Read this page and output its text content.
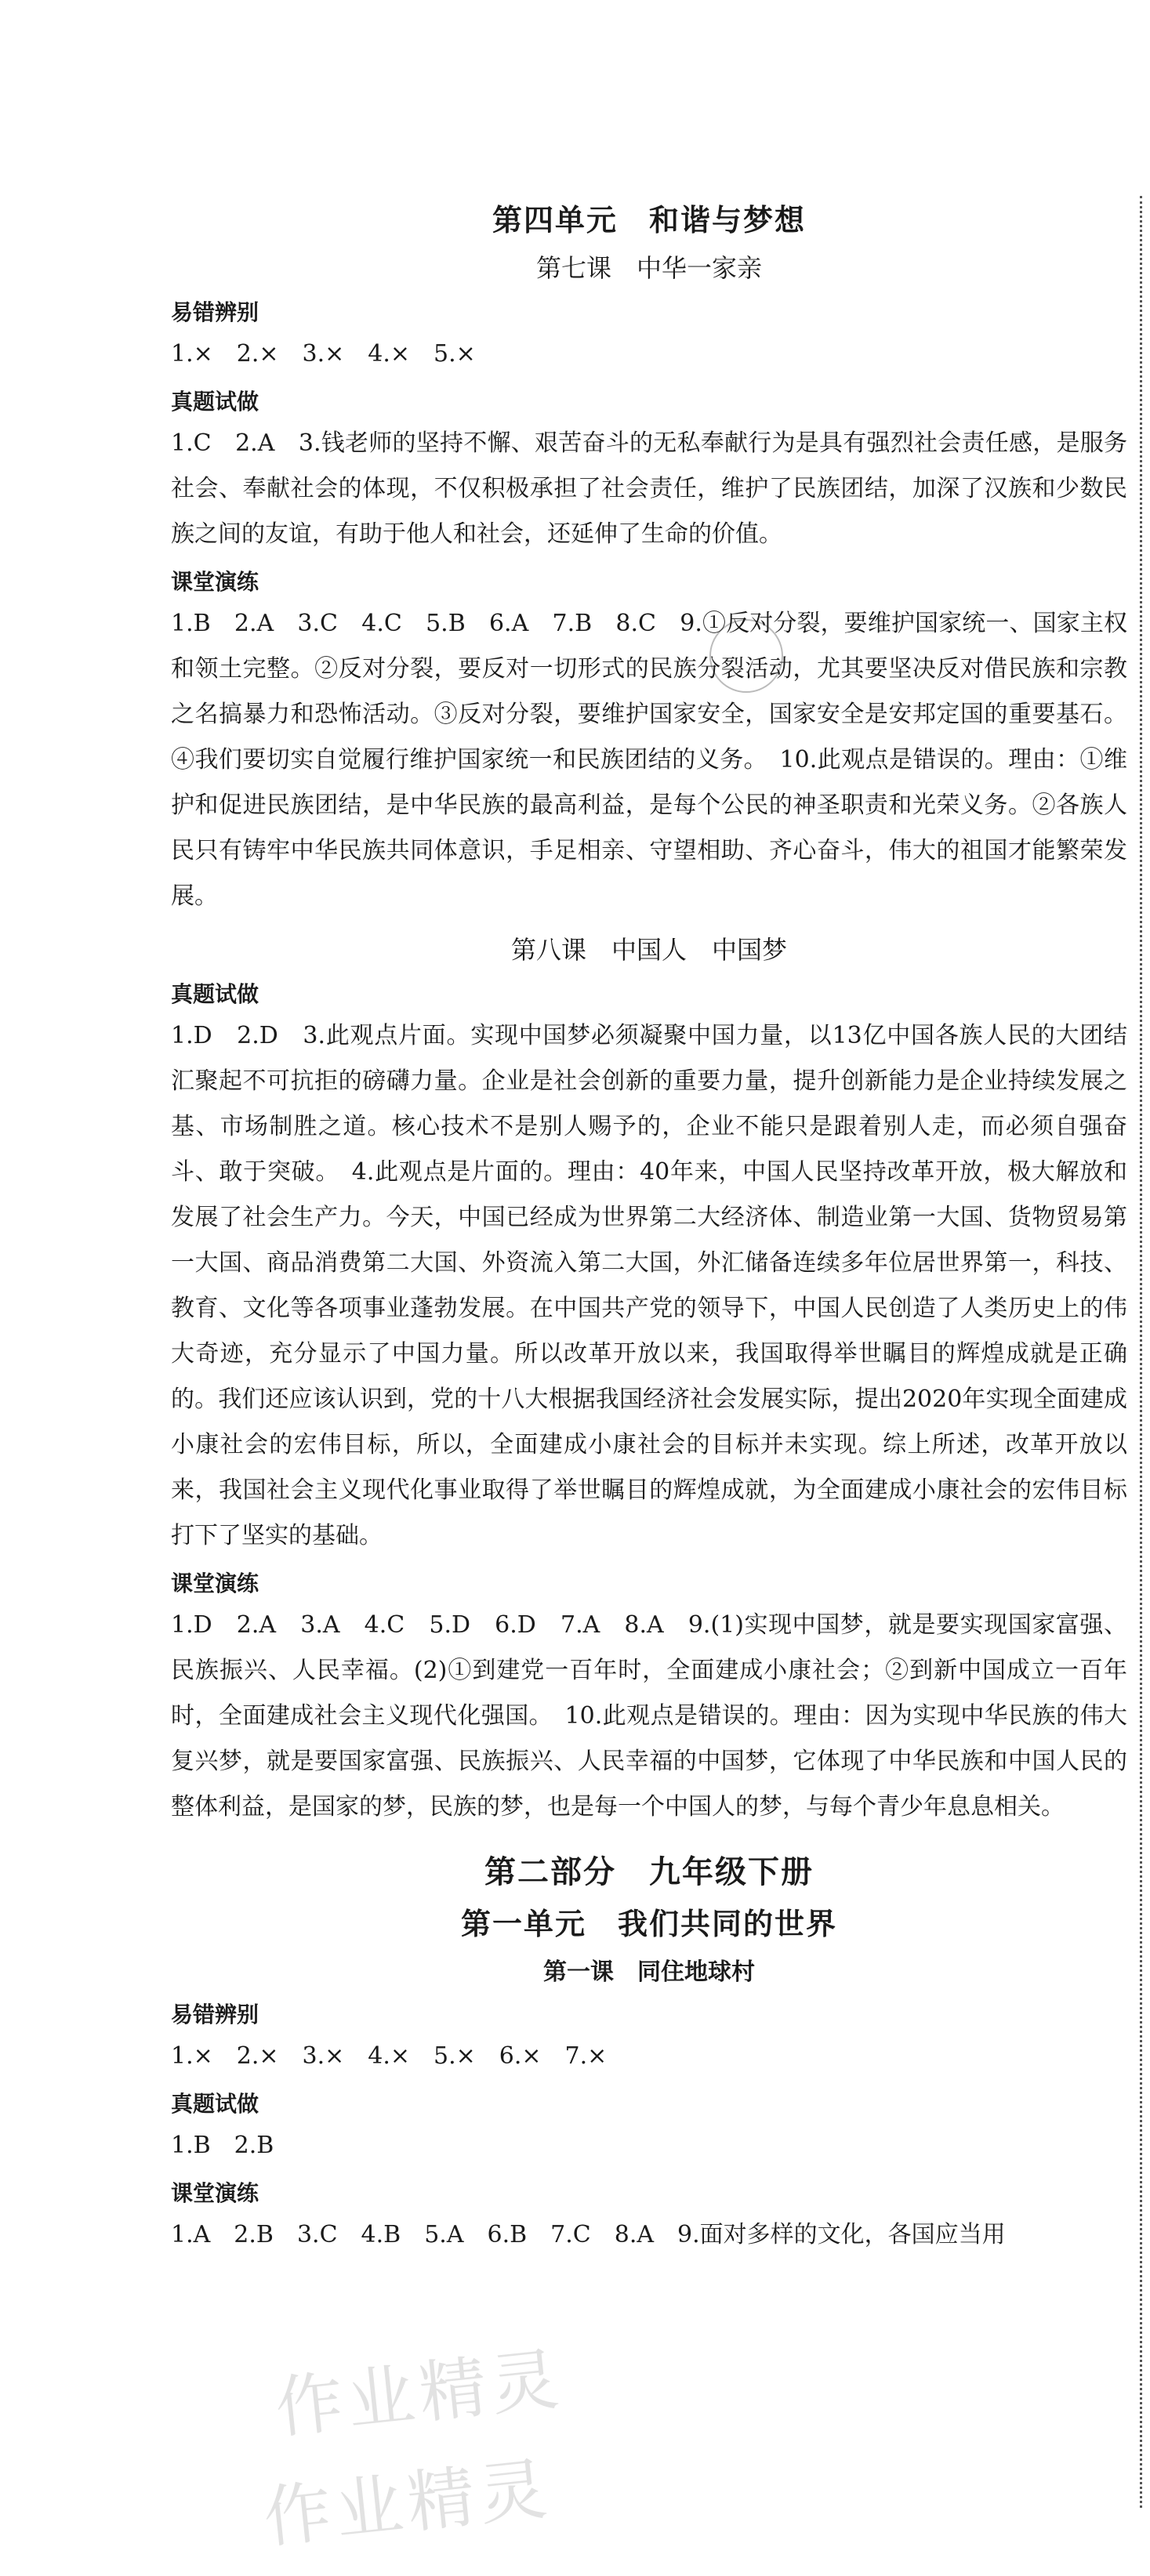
第四单元　和谐与梦想
第七课　中华一家亲
易错辨别

1.×　2.×　3.×　4.×　5.×

真题试做

1.C　2.A　3.钱老师的坚持不懈、艰苦奋斗的无私奉献行为是具有强烈社会责任感，是服务社会、奉献社会的体现，不仅积极承担了社会责任，维护了民族团结，加深了汉族和少数民族之间的友谊，有助于他人和社会，还延伸了生命的价值。

课堂演练

1.B　2.A　3.C　4.C　5.B　6.A　7.B　8.C　9.①反对分裂，要维护国家统一、国家主权和领土完整。②反对分裂，要反对一切形式的民族分裂活动，尤其要坚决反对借民族和宗教之名搞暴力和恐怖活动。③反对分裂，要维护国家安全，国家安全是安邦定国的重要基石。④我们要切实自觉履行维护国家统一和民族团结的义务。　10.此观点是错误的。理由：①维护和促进民族团结，是中华民族的最高利益，是每个公民的神圣职责和光荣义务。②各族人民只有铸牢中华民族共同体意识，手足相亲、守望相助、齐心奋斗，伟大的祖国才能繁荣发展。

第八课　中国人　中国梦
真题试做

1.D　2.D　3.此观点片面。实现中国梦必须凝聚中国力量，以13亿中国各族人民的大团结汇聚起不可抗拒的磅礴力量。企业是社会创新的重要力量，提升创新能力是企业持续发展之基、市场制胜之道。核心技术不是别人赐予的，企业不能只是跟着别人走，而必须自强奋斗、敢于突破。　4.此观点是片面的。理由：40年来，中国人民坚持改革开放，极大解放和发展了社会生产力。今天，中国已经成为世界第二大经济体、制造业第一大国、货物贸易第一大国、商品消费第二大国、外资流入第二大国，外汇储备连续多年位居世界第一，科技、教育、文化等各项事业蓬勃发展。在中国共产党的领导下，中国人民创造了人类历史上的伟大奇迹，充分显示了中国力量。所以改革开放以来，我国取得举世瞩目的辉煌成就是正确的。我们还应该认识到，党的十八大根据我国经济社会发展实际，提出2020年实现全面建成小康社会的宏伟目标，所以，全面建成小康社会的目标并未实现。综上所述，改革开放以来，我国社会主义现代化事业取得了举世瞩目的辉煌成就，为全面建成小康社会的宏伟目标打下了坚实的基础。

课堂演练

1.D　2.A　3.A　4.C　5.D　6.D　7.A　8.A　9.(1)实现中国梦，就是要实现国家富强、民族振兴、人民幸福。(2)①到建党一百年时，全面建成小康社会；②到新中国成立一百年时，全面建成社会主义现代化强国。　10.此观点是错误的。理由：因为实现中华民族的伟大复兴梦，就是要国家富强、民族振兴、人民幸福的中国梦，它体现了中华民族和中国人民的整体利益，是国家的梦，民族的梦，也是每一个中国人的梦，与每个青少年息息相关。

第二部分　九年级下册
第一单元　我们共同的世界
第一课　同住地球村
易错辨别

1.×　2.×　3.×　4.×　5.×　6.×　7.×

真题试做

1.B　2.B

课堂演练

1.A　2.B　3.C　4.B　5.A　6.B　7.C　8.A　9.面对多样的文化，各国应当用

作业精灵
作业精灵
